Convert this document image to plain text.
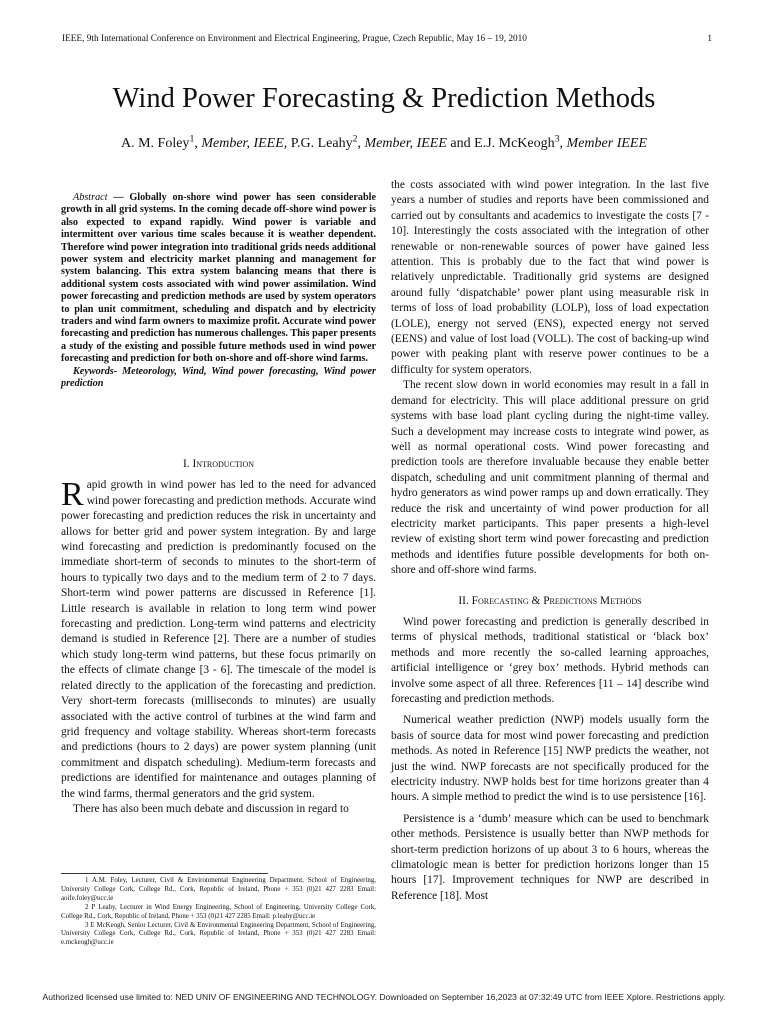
IEEE, 9th International Conference on Environment and Electrical Engineering, Prague, Czech Republic, May 16 – 19, 2010	1
Wind Power Forecasting & Prediction Methods
A. M. Foley$^1$, Member, IEEE, P.G. Leahy$^2$, Member, IEEE and E.J. McKeogh$^3$, Member IEEE

Abstract — Globally on-shore wind power has seen considerable growth in all grid systems. In the coming decade off-shore wind power is also expected to expand rapidly. Wind power is variable and intermittent over various time scales because it is weather dependent. Therefore wind power integration into traditional grids needs additional power system and electricity market planning and management for system balancing. This extra system balancing means that there is additional system costs associated with wind power assimilation. Wind power forecasting and prediction methods are used by system operators to plan unit commitment, scheduling and dispatch and by electricity traders and wind farm owners to maximize profit. Accurate wind power forecasting and prediction has numerous challenges. This paper presents a study of the existing and possible future methods used in wind power forecasting and prediction for both on-shore and off-shore wind farms.

Keywords- Meteorology, Wind, Wind power forecasting, Wind power prediction

I. Introduction

Rapid growth in wind power has led to the need for advanced wind power forecasting and prediction methods. Accurate wind power forecasting and prediction reduces the risk in uncertainty and allows for better grid and power system integration. By and large wind forecasting and prediction is predominantly focused on the immediate short-term of seconds to minutes to the short-term of hours to typically two days and to the medium term of 2 to 7 days. Short-term wind power patterns are discussed in Reference [1]. Little research is available in relation to long term wind power forecasting and prediction. Long-term wind patterns and electricity demand is studied in Reference [2]. There are a number of studies which study long-term wind patterns, but these focus primarily on the effects of climate change [3 - 6]. The timescale of the model is related directly to the application of the forecasting and prediction. Very short-term forecasts (milliseconds to minutes) are usually associated with the active control of turbines at the wind farm and grid frequency and voltage stability. Whereas short-term forecasts and predictions (hours to 2 days) are power system planning (unit commitment and dispatch scheduling). Medium-term forecasts and predictions are identified for maintenance and outages planning of the wind farms, thermal generators and the grid system.

There has also been much debate and discussion in regard to

1 A.M. Foley, Lecturer, Civil & Environmental Engineering Department, School of Engineering, University College Cork, College Rd., Cork, Republic of Ireland, Phone + 353 (0)21 427 2283 Email: aoife.foley@ucc.ie

2 P Leahy, Lecturer in Wind Energy Engineering, School of Engineering, University College Cork, College Rd., Cork, Republic of Ireland, Phone + 353 (0)21 427 2285 Email: p.leahy@ucc.ie

3 E McKeogh, Senior Lecturer, Civil & Environmental Engineering Department, School of Engineering, University College Cork, College Rd., Cork, Republic of Ireland, Phone + 353 (0)21 427 2283 Email: e.mckeogh@ucc.ie

the costs associated with wind power integration. In the last five years a number of studies and reports have been commissioned and carried out by consultants and academics to investigate the costs [7 - 10]. Interestingly the costs associated with the integration of other renewable or non-renewable sources of power have gained less attention. This is probably due to the fact that wind power is relatively unpredictable. Traditionally grid systems are designed around fully ‘dispatchable’ power plant using measurable risk in terms of loss of load probability (LOLP), loss of load expectation (LOLE), energy not served (ENS), expected energy not served (EENS) and value of lost load (VOLL). The cost of backing-up wind power with peaking plant with reserve power continues to be a difficulty for system operators.

The recent slow down in world economies may result in a fall in demand for electricity. This will place additional pressure on grid systems with base load plant cycling during the night-time valley. Such a development may increase costs to integrate wind power, as well as normal operational costs. Wind power forecasting and prediction tools are therefore invaluable because they enable better dispatch, scheduling and unit commitment planning of thermal and hydro generators as wind power ramps up and down erratically. They reduce the risk and uncertainty of wind power production for all electricity market participants. This paper presents a high-level review of existing short term wind power forecasting and prediction methods and identifies future possible developments for both on-shore and off-shore wind farms.

II. Forecasting & Predictions Methods

Wind power forecasting and prediction is generally described in terms of physical methods, traditional statistical or ‘black box’ methods and more recently the so-called learning approaches, artificial intelligence or ‘grey box’ methods. Hybrid methods can involve some aspect of all three. References [11 – 14] describe wind forecasting and prediction methods.

Numerical weather prediction (NWP) models usually form the basis of source data for most wind power forecasting and prediction methods. As noted in Reference [15] NWP predicts the weather, not just the wind. NWP forecasts are not specifically produced for the electricity industry. NWP holds best for time horizons greater than 4 hours. A simple method to predict the wind is to use persistence [16].

Persistence is a ‘dumb’ measure which can be used to benchmark other methods. Persistence is usually better than NWP methods for short-term prediction horizons of up about 3 to 6 hours, whereas the climatologic mean is better for prediction horizons longer than 15 hours [17]. Improvement techniques for NWP are described in Reference [18]. Most

Authorized licensed use limited to: NED UNIV OF ENGINEERING AND TECHNOLOGY. Downloaded on September 16,2023 at 07:32:49 UTC from IEEE Xplore. Restrictions apply.
